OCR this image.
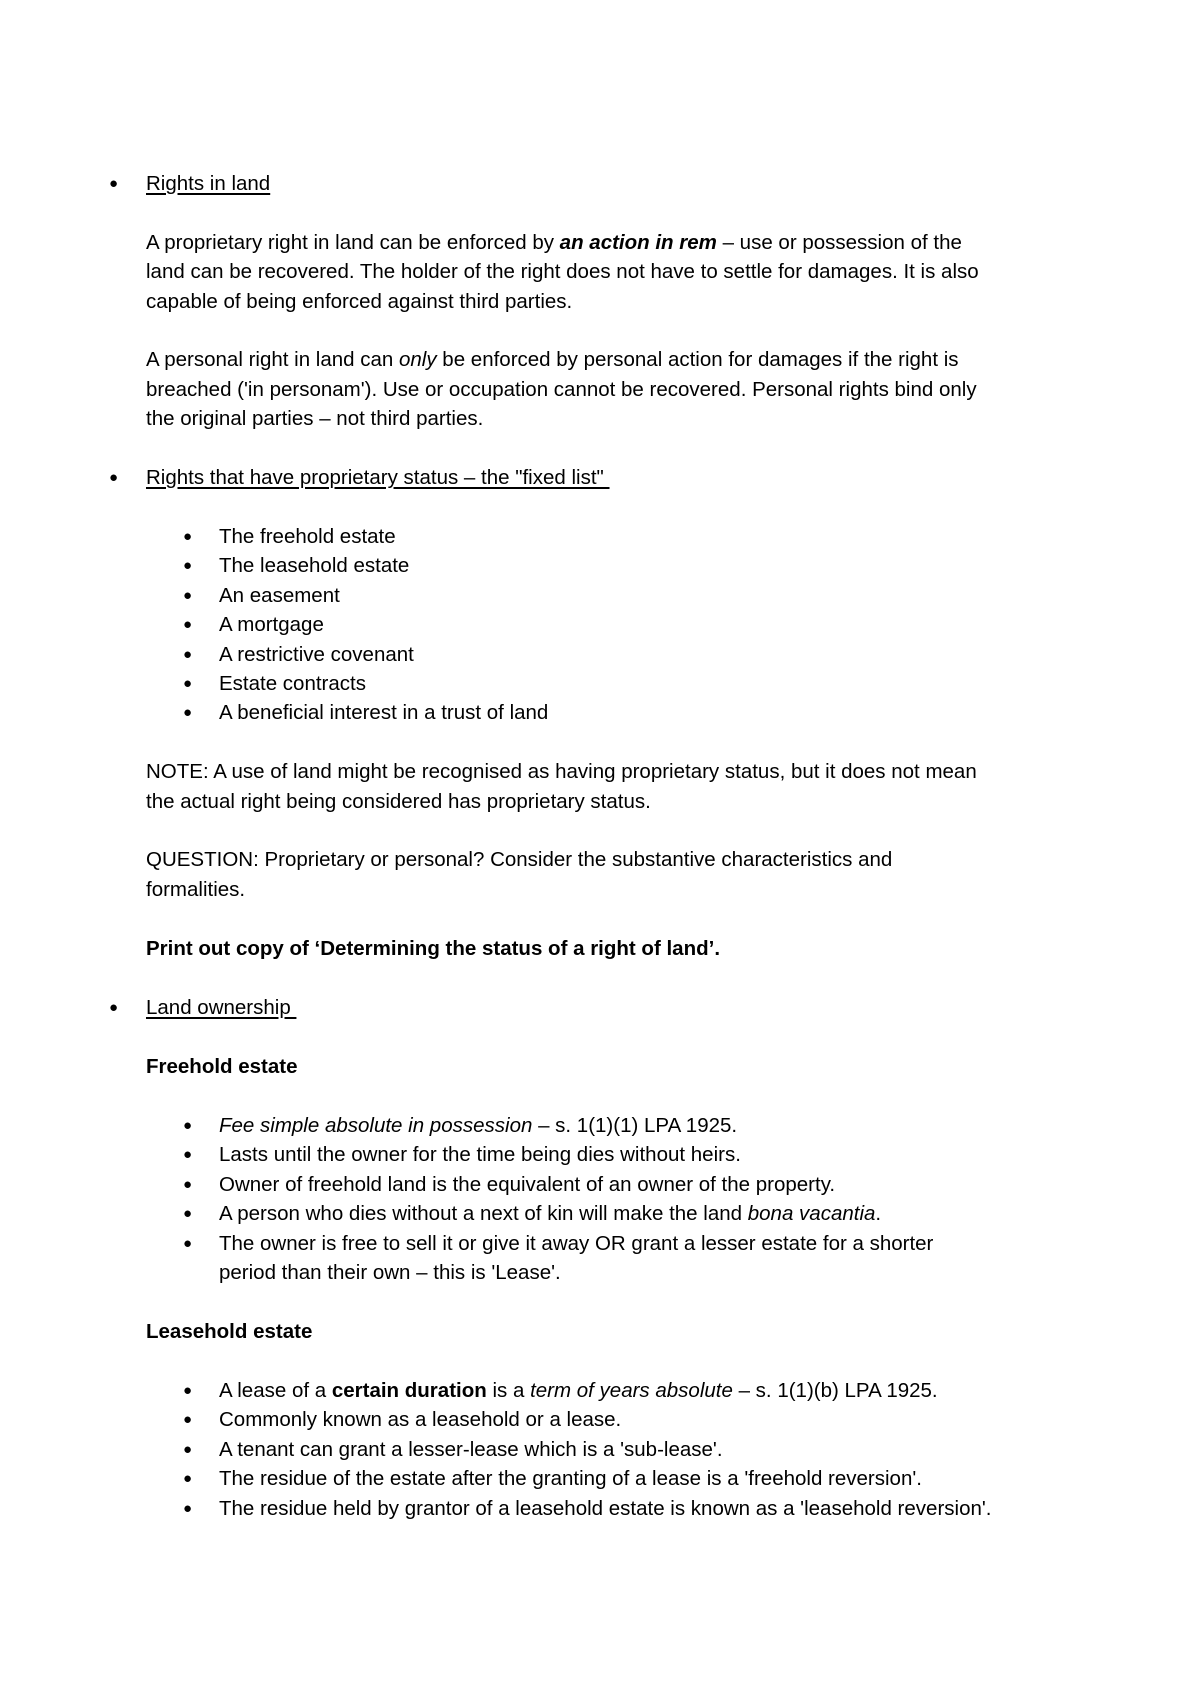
● Rights in land
A proprietary right in land can be enforced by an action in rem – use or possession of the
land can be recovered. The holder of the right does not have to settle for damages. It is also
capable of being enforced against third parties.
A personal right in land can only be enforced by personal action for damages if the right is
breached ('in personam'). Use or occupation cannot be recovered. Personal rights bind only
the original parties – not third parties.
● Rights that have proprietary status – the "fixed list"
● The freehold estate
● The leasehold estate
● An easement
● A mortgage
● A restrictive covenant
● Estate contracts
● A beneficial interest in a trust of land
NOTE: A use of land might be recognised as having proprietary status, but it does not mean
the actual right being considered has proprietary status.
QUESTION: Proprietary or personal? Consider the substantive characteristics and
formalities.
Print out copy of ‘Determining the status of a right of land’.
● Land ownership
Freehold estate
● Fee simple absolute in possession – s. 1(1)(1) LPA 1925.
● Lasts until the owner for the time being dies without heirs.
● Owner of freehold land is the equivalent of an owner of the property.
● A person who dies without a next of kin will make the land bona vacantia.
● The owner is free to sell it or give it away OR grant a lesser estate for a shorter
period than their own – this is 'Lease'.
Leasehold estate
● A lease of a certain duration is a term of years absolute – s. 1(1)(b) LPA 1925.
● Commonly known as a leasehold or a lease.
● A tenant can grant a lesser-lease which is a 'sub-lease'.
● The residue of the estate after the granting of a lease is a 'freehold reversion'.
● The residue held by grantor of a leasehold estate is known as a 'leasehold reversion'.
